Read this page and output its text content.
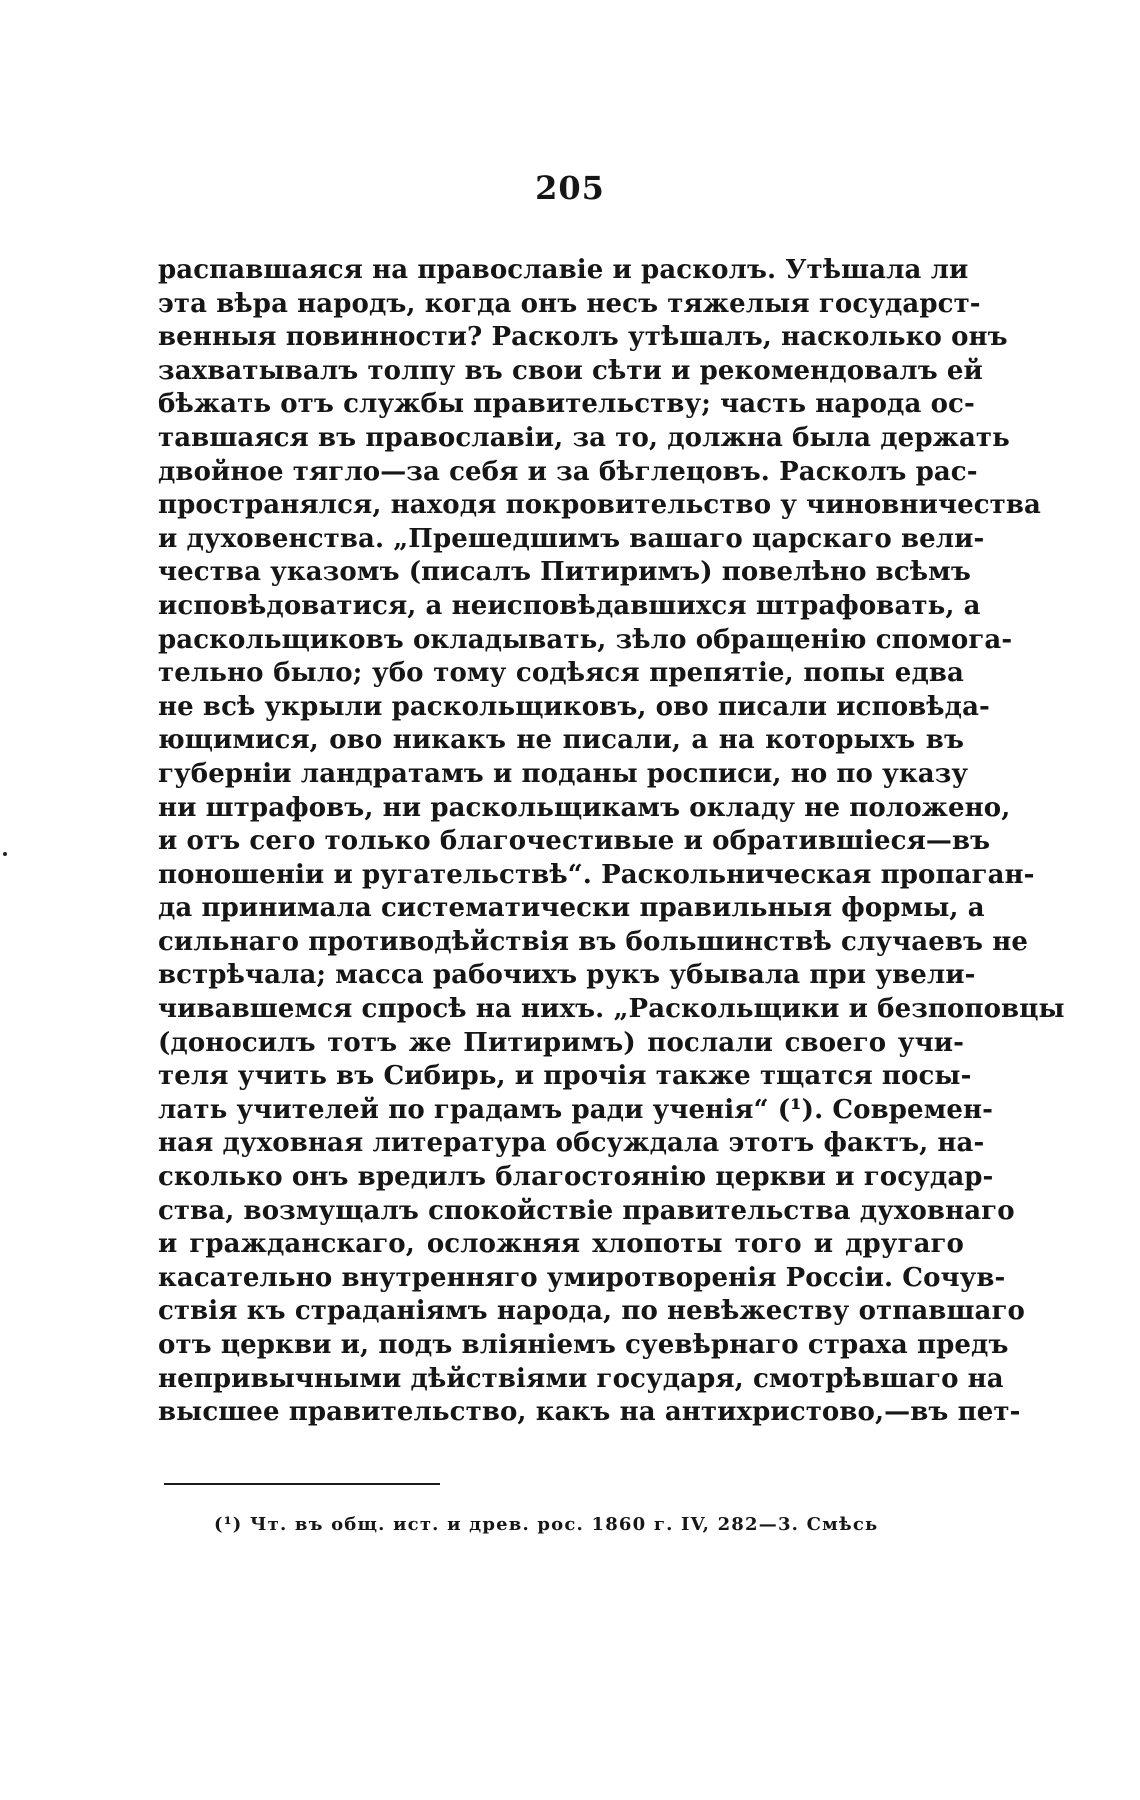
205
распавшаяся на православіе и расколъ. Утѣшала ли
эта вѣра народъ, когда онъ несъ тяжелыя государст-
венныя повинности? Расколъ утѣшалъ, насколько онъ
захватывалъ толпу въ свои сѣти и рекомендовалъ ей
бѣжать отъ службы правительству; часть народа ос-
тавшаяся въ православіи, за то, должна была держать
двойное тягло—за себя и за бѣглецовъ. Расколъ рас-
пространялся, находя покровительство у чиновничества
и духовенства. „Прешедшимъ вашаго царскаго вели-
чества указомъ (писалъ Питиримъ) повелѣно всѣмъ
исповѣдоватися, а неисповѣдавшихся штрафовать, а
раскольщиковъ окладывать, зѣло обращенію спомога-
тельно было; убо тому содѣяся препятіе, попы едва
не всѣ укрыли раскольщиковъ, ово писали исповѣда-
ющимися, ово никакъ не писали, а на которыхъ въ
губерніи ландратамъ и поданы росписи, но по указу
ни штрафовъ, ни раскольщикамъ окладу не положено,
и отъ сего только благочестивые и обратившіеся—въ
поношеніи и ругательствѣ“. Раскольническая пропаган-
да принимала систематически правильныя формы, а
сильнаго противодѣйствія въ большинствѣ случаевъ не
встрѣчала; масса рабочихъ рукъ убывала при увели-
чивавшемся спросѣ на нихъ. „Раскольщики и безпоповцы
(доносилъ тотъ же Питиримъ) послали своего учи-
теля учить въ Сибирь, и прочія также тщатся посы-
лать учителей по градамъ ради ученія“ (¹). Современ-
ная духовная литература обсуждала этотъ фактъ, на-
сколько онъ вредилъ благостоянію церкви и государ-
ства, возмущалъ спокойствіе правительства духовнаго
и гражданскаго, осложняя хлопоты того и другаго
касательно внутренняго умиротворенія Россіи. Сочув-
ствія къ страданіямъ народа, по невѣжеству отпавшаго
отъ церкви и, подъ вліяніемъ суевѣрнаго страха предъ
непривычными дѣйствіями государя, смотрѣвшаго на
высшее правительство, какъ на антихристово,—въ пет-
(¹) Чт. въ общ. ист. и древ. рос. 1860 г. IV, 282—3. Смѣсь
